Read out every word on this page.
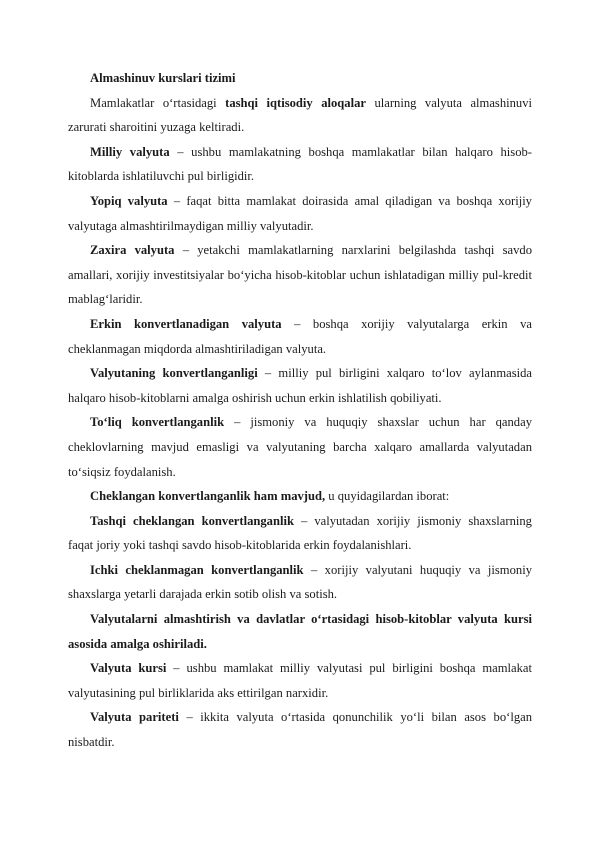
Almashinuv kurslari tizimi

Mamlakatlar o‘rtasidagi tashqi iqtisodiy aloqalar ularning valyuta almashinuvi zarurati sharoitini yuzaga keltiradi.

Milliy valyuta – ushbu mamlakatning boshqa mamlakatlar bilan halqaro hisob-kitoblarda ishlatiluvchi pul birligidir.

Yopiq valyuta – faqat bitta mamlakat doirasida amal qiladigan va boshqa xorijiy valyutaga almashtirilmaydigan milliy valyutadir.

Zaxira valyuta – yetakchi mamlakatlarning narxlarini belgilashda tashqi savdo amallari, xorijiy investitsiyalar bo‘yicha hisob-kitoblar uchun ishlatadigan milliy pul-kredit mablag‘laridir.

Erkin konvertlanadigan valyuta – boshqa xorijiy valyutalarga erkin va cheklanmagan miqdorda almashtiriladigan valyuta.

Valyutaning konvertlanganligi – milliy pul birligini xalqaro to‘lov aylanmasida halqaro hisob-kitoblarni amalga oshirish uchun erkin ishlatilish qobiliyati.

To‘liq konvertlanganlik – jismoniy va huquqiy shaxslar uchun har qanday cheklovlarning mavjud emasligi va valyutaning barcha xalqaro amallarda valyutadan to‘siqsiz foydalanish.

Cheklangan konvertlanganlik ham mavjud, u quyidagilardan iborat:

Tashqi cheklangan konvertlanganlik – valyutadan xorijiy jismoniy shaxslarning faqat joriy yoki tashqi savdo hisob-kitoblarida erkin foydalanishlari.

Ichki cheklanmagan konvertlanganlik – xorijiy valyutani huquqiy va jismoniy shaxslarga yetarli darajada erkin sotib olish va sotish.

Valyutalarni almashtirish va davlatlar o‘rtasidagi hisob-kitoblar valyuta kursi asosida amalga oshiriladi.

Valyuta kursi – ushbu mamlakat milliy valyutasi pul birligini boshqa mamlakat valyutasining pul birliklarida aks ettirilgan narxidir.

Valyuta pariteti – ikkita valyuta o‘rtasida qonunchilik yo‘li bilan asos bo‘lgan nisbatdir.
